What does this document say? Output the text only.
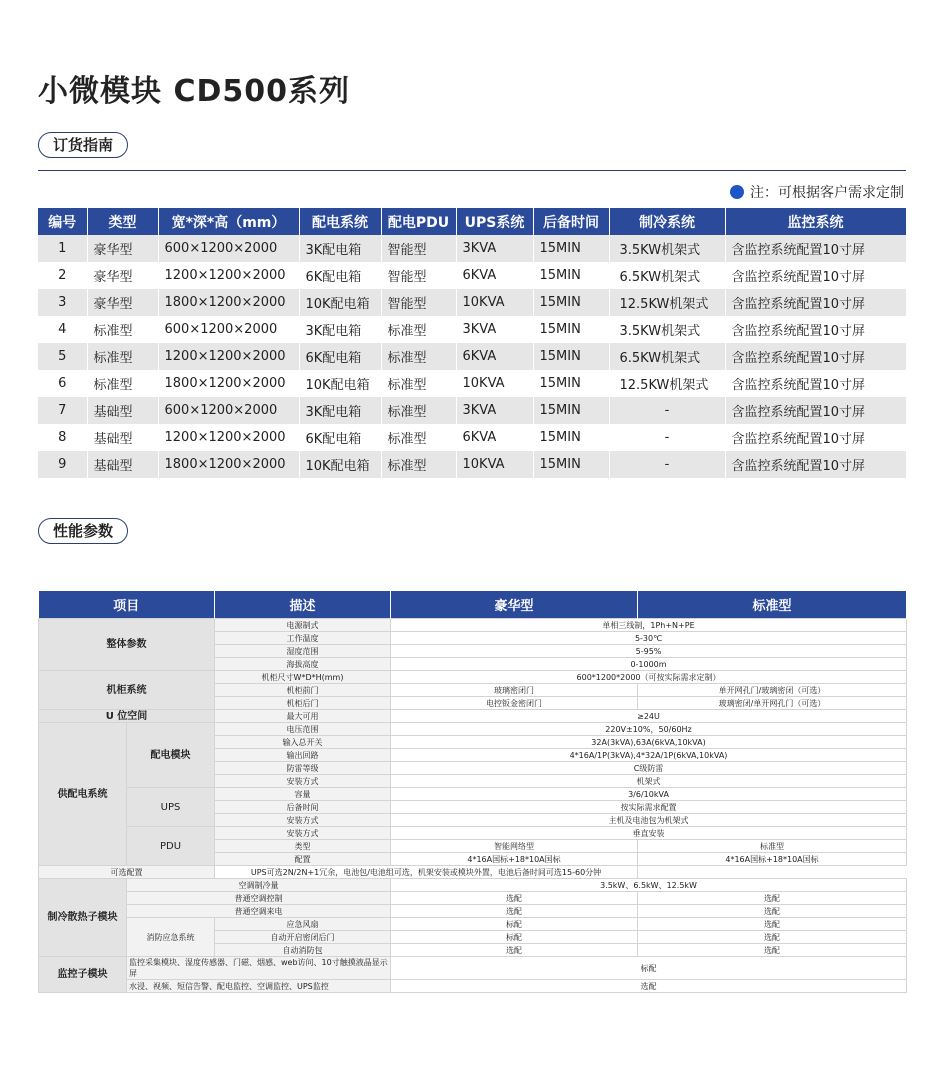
小微模块 CD500系列
订货指南
注：可根据客户需求定制
编号	类型	宽*深*高（mm）	配电系统	配电PDU	UPS系统	后备时间	制冷系统	监控系统
1	豪华型	600×1200×2000	3K配电箱	智能型	3KVA	15MIN	3.5KW机架式	含监控系统配置10寸屏
2	豪华型	1200×1200×2000	6K配电箱	智能型	6KVA	15MIN	6.5KW机架式	含监控系统配置10寸屏
3	豪华型	1800×1200×2000	10K配电箱	智能型	10KVA	15MIN	12.5KW机架式	含监控系统配置10寸屏
4	标准型	600×1200×2000	3K配电箱	标准型	3KVA	15MIN	3.5KW机架式	含监控系统配置10寸屏
5	标准型	1200×1200×2000	6K配电箱	标准型	6KVA	15MIN	6.5KW机架式	含监控系统配置10寸屏
6	标准型	1800×1200×2000	10K配电箱	标准型	10KVA	15MIN	12.5KW机架式	含监控系统配置10寸屏
7	基础型	600×1200×2000	3K配电箱	标准型	3KVA	15MIN	-	含监控系统配置10寸屏
8	基础型	1200×1200×2000	6K配电箱	标准型	6KVA	15MIN	-	含监控系统配置10寸屏
9	基础型	1800×1200×2000	10K配电箱	标准型	10KVA	15MIN	-	含监控系统配置10寸屏
性能参数
项目		描述	豪华型	标准型
整体参数		电源制式	单相三线制，1Ph+N+PE	
		工作温度	5-30℃	
		湿度范围	5-95%	
		海拔高度	0-1000m	
机柜系统		机柜尺寸W*D*H(mm)	600*1200*2000（可按实际需求定制）	
		机柜前门	玻璃密闭门	单开网孔门/玻璃密闭（可选）
		机柜后门	电控钣金密闭门	玻璃密闭/单开网孔门（可选）
U 位空间		最大可用	≥24U	
供配电系统	配电模块	电压范围	220V±10%，50/60Hz	
		输入总开关	32A(3kVA),63A(6kVA,10kVA)	
		输出回路	4*16A/1P(3kVA),4*32A/1P(6kVA,10kVA)	
		防雷等级	C级防雷	
		安装方式	机架式	
	UPS	容量	3/6/10kVA	
		后备时间	按实际需求配置	
		安装方式	主机及电池包为机架式	
	PDU	安装方式	垂直安装	
		类型	智能网络型	标准型
		配置	4*16A国标+18*10A国标	4*16A国标+18*10A国标
可选配置		UPS可选2N/2N+1冗余，电池包/电池组可选，机架安装或模块外置，电池后备时间可选15-60分钟		
制冷散热子模块	空调制冷量		3.5kW、6.5kW、12.5kW	
	普通空调控制		选配	选配
	普通空调来电		选配	选配
	消防应急系统	应急风扇	标配	选配
		自动开启密闭后门	标配	选配
		自动消防包	选配	选配
监控子模块	监控采集模块、湿度传感器、门磁、烟感、web访问、10寸触摸液晶显示屏		标配	
	水浸、视频、短信告警、配电监控、空调监控、UPS监控		选配	
